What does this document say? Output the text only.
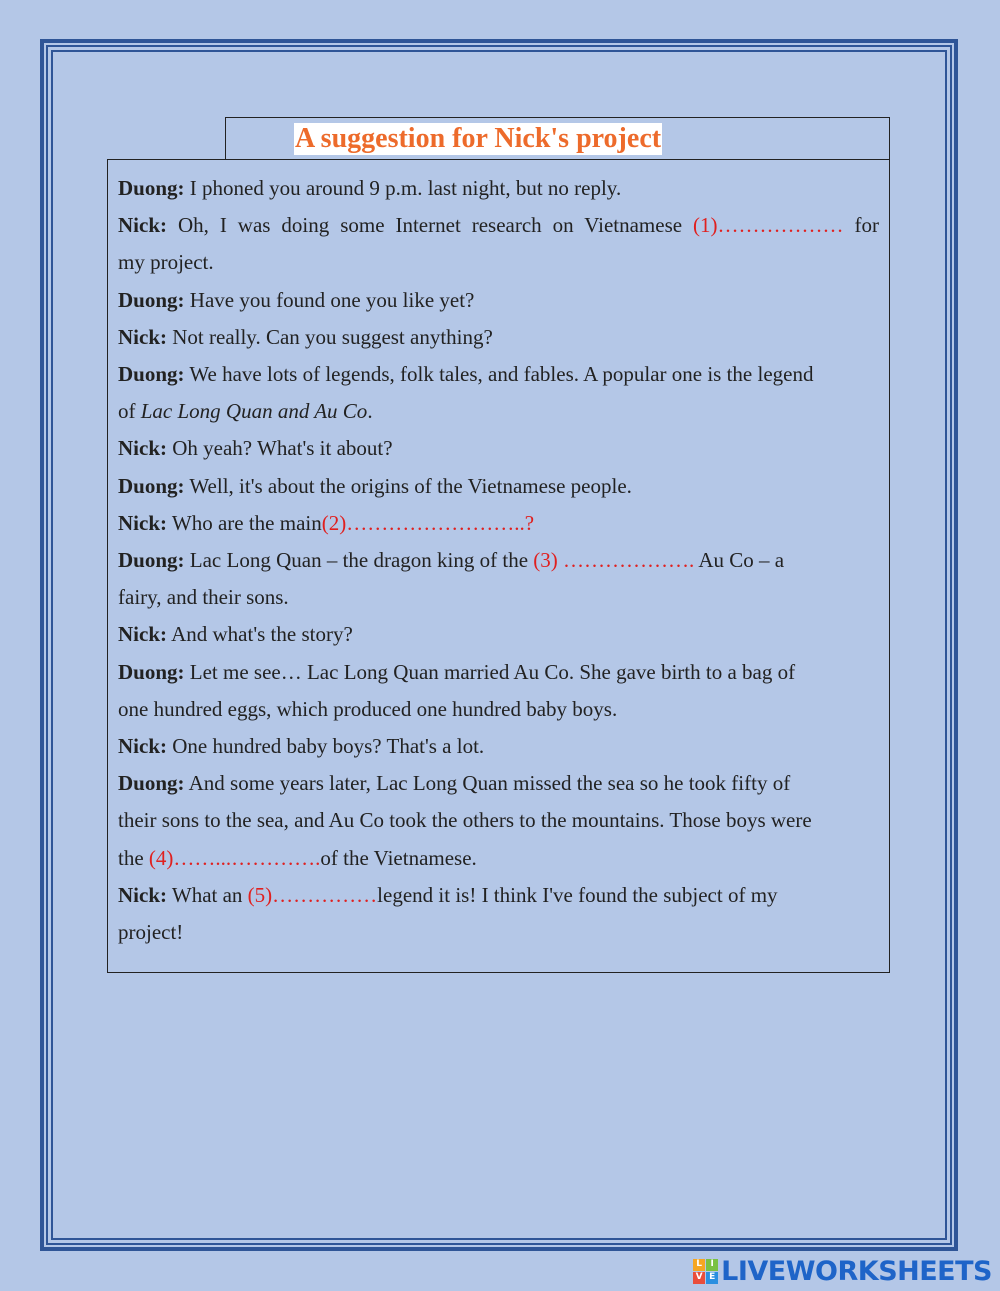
A suggestion for Nick's project
Duong: I phoned you around 9 p.m. last night, but no reply.
Nick: Oh, I was doing some Internet research on Vietnamese (1)……………… for
my project.
Duong: Have you found one you like yet?
Nick: Not really. Can you suggest anything?
Duong: We have lots of legends, folk tales, and fables. A popular one is the legend
of Lac Long Quan and Au Co.
Nick: Oh yeah? What's it about?
Duong: Well, it's about the origins of the Vietnamese people.
Nick: Who are the main(2)……………………..?
Duong: Lac Long Quan – the dragon king of the (3) ………………. Au Co – a
fairy, and their sons.
Nick: And what's the story?
Duong: Let me see… Lac Long Quan married Au Co. She gave birth to a bag of
one hundred eggs, which produced one hundred baby boys.
Nick: One hundred baby boys? That's a lot.
Duong: And some years later, Lac Long Quan missed the sea so he took fifty of
their sons to the sea, and Au Co took the others to the mountains. Those boys were
the (4)……...………….of the Vietnamese.
Nick: What an (5)……………legend it is! I think I've found the subject of my
project!
L I
V E LIVEWORKSHEETS
